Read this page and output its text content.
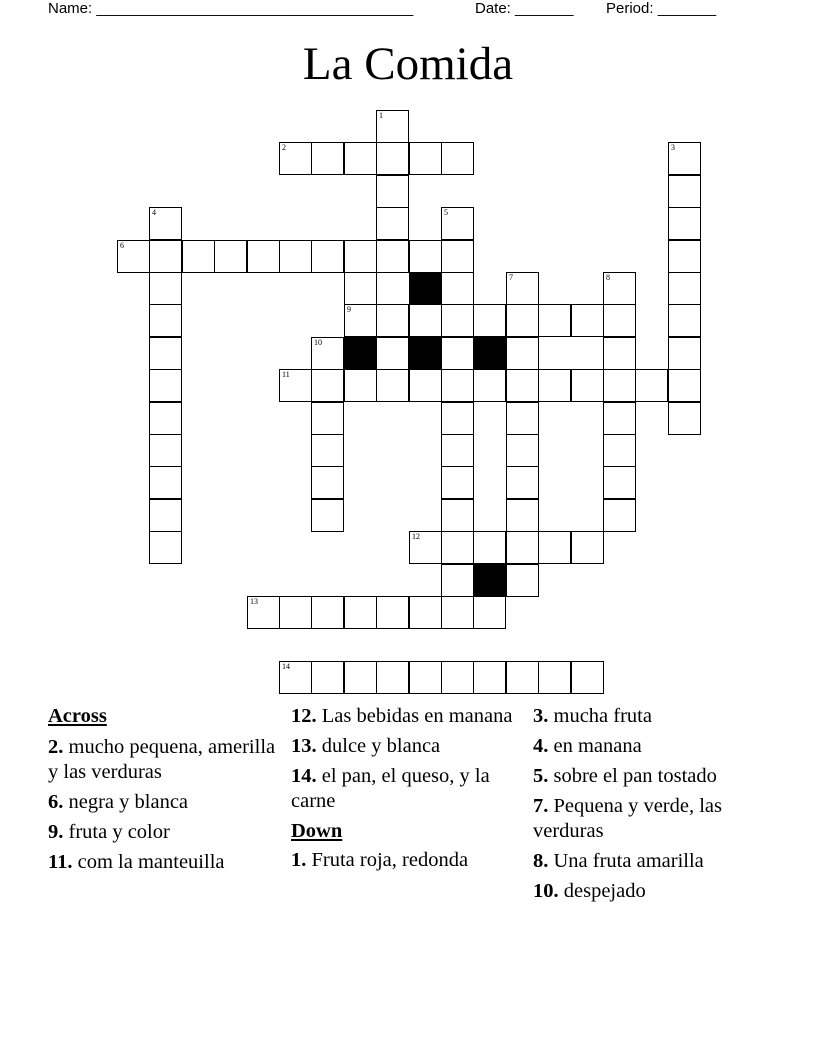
Name: ______________________________________	Date: _______ Period: _______
La Comida
1
2	3
4	5
6
7	8
9
10
11
12
13
14
Across
2. mucho pequena, amerilla y las verduras
6. negra y blanca
9. fruta y color
11. com la manteuilla
12. Las bebidas en manana
13. dulce y blanca
14. el pan, el queso, y la carne
Down
1. Fruta roja, redonda
3. mucha fruta
4. en manana
5. sobre el pan tostado
7. Pequena y verde, las verduras
8. Una fruta amarilla
10. despejado
